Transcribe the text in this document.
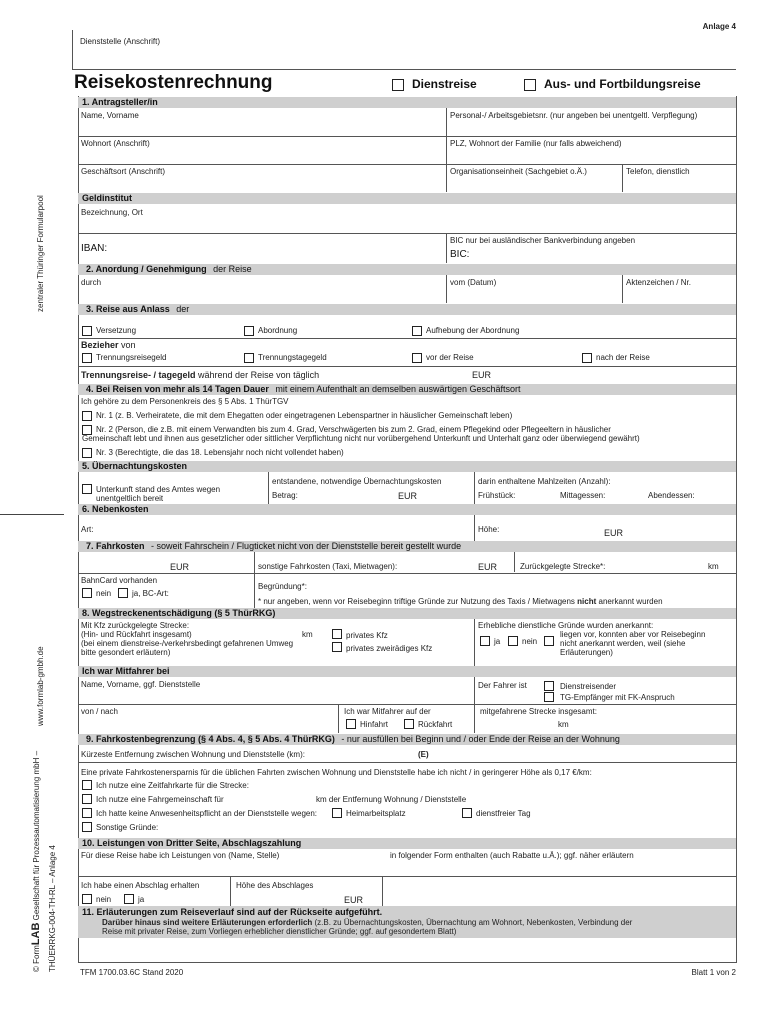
zentraler Thüringer Formularpool
www.formlab-gmbh.de
© FormLAB Gesellschaft für Prozessautomatisierung mbH – THÜERRKG-004-TH-RL – Anlage 4
Anlage 4
Dienststelle (Anschrift)
Reisekostenrechnung	Dienstreise	Aus- und Fortbildungsreise
1. Antragsteller/in
Name, Vorname	Personal-/ Arbeitsgebietsnr. (nur angeben bei unentgeltl. Verpflegung)
Wohnort (Anschrift)	PLZ, Wohnort der Familie (nur falls abweichend)
Geschäftsort (Anschrift)	Organisationseinheit (Sachgebiet o.Ä.)	Telefon, dienstlich
Geldinstitut
Bezeichnung, Ort
IBAN:
BIC nur bei ausländischer Bankverbindung angeben
BIC:
2. Anordung / Genehmigung der Reise
durch	vom (Datum)	Aktenzeichen / Nr.
3. Reise aus Anlass der
Versetzung	Abordnung	Aufhebung der Abordnung
Bezieher von
Trennungsreisegeld	Trennungstagegeld	vor der Reise	nach der Reise
Trennungsreise- / tagegeld während der Reise von täglich	EUR
4. Bei Reisen von mehr als 14 Tagen Dauer mit einem Aufenthalt an demselben auswärtigen Geschäftsort
Ich gehöre zu dem Personenkreis des § 5 Abs. 1 ThürTGV
Nr. 1 (z. B. Verheiratete, die mit dem Ehegatten oder eingetragenen Lebenspartner in häuslicher Gemeinschaft leben)
Nr. 2 (Person, die z.B. mit einem Verwandten bis zum 4. Grad, Verschwägerten bis zum 2. Grad, einem Pflegekind oder Pflegeeltern in häuslicher
Gemeinschaft lebt und ihnen aus gesetzlicher oder sittlicher Verpflichtung nicht nur vorübergehend Unterkunft und Unterhalt ganz oder überwiegend gewährt)
Nr. 3 (Berechtigte, die das 18. Lebensjahr noch nicht vollendet haben)
5. Übernachtungskosten
Unterkunft stand des Amtes wegen
unentgeltlich bereit
entstandene, notwendige Übernachtungskosten
Betrag:	EUR
darin enthaltene Mahlzeiten (Anzahl):
Frühstück:	Mittagessen:	Abendessen:
6. Nebenkosten
Art:	Höhe:	EUR
7. Fahrkosten - soweit Fahrschein / Flugticket nicht von der Dienststelle bereit gestellt wurde
EUR	sonstige Fahrkosten (Taxi, Mietwagen):	EUR	Zurückgelegte Strecke*:	km
BahnCard vorhanden
nein	ja, BC-Art:
Begründung*:
* nur angeben, wenn vor Reisebeginn triftige Gründe zur Nutzung des Taxis / Mietwagens nicht anerkannt wurden
8. Wegstreckenentschädigung (§ 5 ThürRKG)
Mit Kfz zurückgelegte Strecke:
(Hin- und Rückfahrt insgesamt)	km
(bei einem dienstreise-/verkehrsbedingt gefahrenen Umweg
bitte gesondert erläutern)
privates Kfz
privates zweirädiges Kfz
Erhebliche dienstliche Gründe wurden anerkannt:
ja	nein
liegen vor, konnten aber vor Reisebeginn
nicht anerkannt werden, weil (siehe
Erläuterungen)
Ich war Mitfahrer bei
Name, Vorname, ggf. Dienststelle	Der Fahrer ist	Dienstreisender
TG-Empfänger mit FK-Anspruch
von / nach	Ich war Mitfahrer auf der
Hinfahrt	Rückfahrt
mitgefahrene Strecke insgesamt:
km
9. Fahrkostenbegrenzung (§ 4 Abs. 4, § 5 Abs. 4 ThürRKG) - nur ausfüllen bei Beginn und / oder Ende der Reise an der Wohnung
Kürzeste Entfernung zwischen Wohnung und Dienststelle (km):	(E)
Eine private Fahrkostenersparnis für die üblichen Fahrten zwischen Wohnung und Dienststelle habe ich nicht / in geringerer Höhe als 0,17 €/km:
Ich nutze eine Zeitfahrkarte für die Strecke:
Ich nutze eine Fahrgemeinschaft für	km der Entfernung Wohnung / Dienststelle
Ich hatte keine Anwesenheitspflicht an der Dienststelle wegen:	Heimarbeitsplatz	dienstfreier Tag
Sonstige Gründe:
10. Leistungen von Dritter Seite, Abschlagszahlung
Für diese Reise habe ich Leistungen von (Name, Stelle)	in folgender Form enthalten (auch Rabatte u.Ä.); ggf. näher erläutern
Ich habe einen Abschlag erhalten	Höhe des Abschlages
nein	ja	EUR
11. Erläuterungen zum Reiseverlauf sind auf der Rückseite aufgeführt.
Darüber hinaus sind weitere Erläuterungen erforderlich (z.B. zu Übernachtungskosten, Übernachtung am Wohnort, Nebenkosten, Verbindung der
Reise mit privater Reise, zum Vorliegen erheblicher dienstlicher Gründe; ggf. auf gesondertem Blatt)
TFM 1700.03.6C Stand 2020	Blatt 1 von 2
